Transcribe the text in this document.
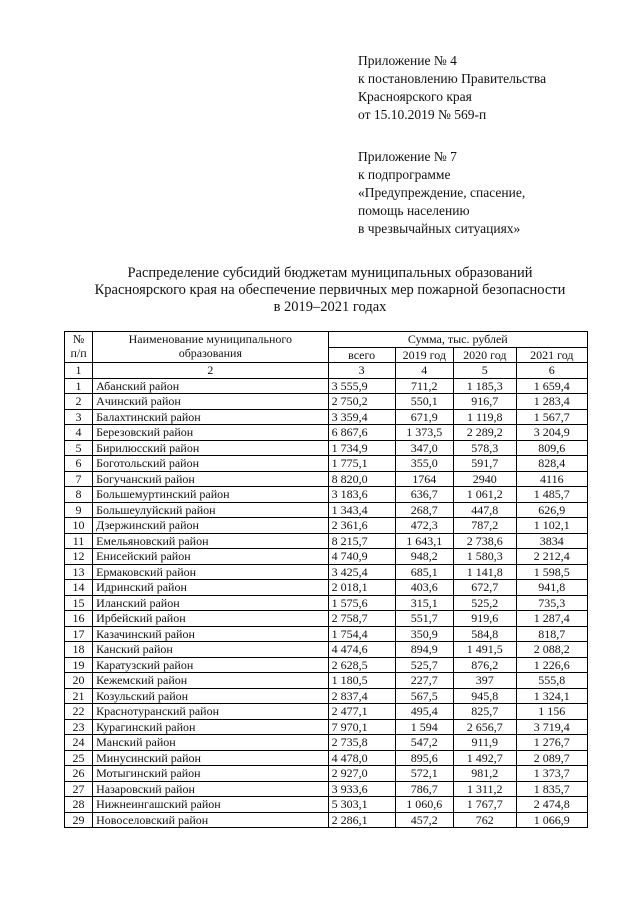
Приложение № 4
к постановлению Правительства
Красноярского края
от 15.10.2019 № 569-п
Приложение № 7
к подпрограмме
«Предупреждение, спасение,
помощь населению
в чрезвычайных ситуациях»
Распределение субсидий бюджетам муниципальных образований
Красноярского края на обеспечение первичных мер пожарной безопасности
в 2019–2021 годах
№ п/п	Наименование муниципального образования	Сумма, тыс. рублей			
		всего	2019 год	2020 год	2021 год
1	2	3	4	5	6
1	Абанский район	3 555,9	711,2	1 185,3	1 659,4
2	Ачинский район	2 750,2	550,1	916,7	1 283,4
3	Балахтинский район	3 359,4	671,9	1 119,8	1 567,7
4	Березовский район	6 867,6	1 373,5	2 289,2	3 204,9
5	Бирилюсский район	1 734,9	347,0	578,3	809,6
6	Боготольский район	1 775,1	355,0	591,7	828,4
7	Богучанский район	8 820,0	1764	2940	4116
8	Большемуртинский район	3 183,6	636,7	1 061,2	1 485,7
9	Большеулуйский район	1 343,4	268,7	447,8	626,9
10	Дзержинский район	2 361,6	472,3	787,2	1 102,1
11	Емельяновский район	8 215,7	1 643,1	2 738,6	3834
12	Енисейский район	4 740,9	948,2	1 580,3	2 212,4
13	Ермаковский район	3 425,4	685,1	1 141,8	1 598,5
14	Идринский район	2 018,1	403,6	672,7	941,8
15	Иланский район	1 575,6	315,1	525,2	735,3
16	Ирбейский район	2 758,7	551,7	919,6	1 287,4
17	Казачинский район	1 754,4	350,9	584,8	818,7
18	Канский район	4 474,6	894,9	1 491,5	2 088,2
19	Каратузский район	2 628,5	525,7	876,2	1 226,6
20	Кежемский район	1 180,5	227,7	397	555,8
21	Козульский район	2 837,4	567,5	945,8	1 324,1
22	Краснотуранский район	2 477,1	495,4	825,7	1 156
23	Курагинский район	7 970,1	1 594	2 656,7	3 719,4
24	Манский район	2 735,8	547,2	911,9	1 276,7
25	Минусинский район	4 478,0	895,6	1 492,7	2 089,7
26	Мотыгинский район	2 927,0	572,1	981,2	1 373,7
27	Назаровский район	3 933,6	786,7	1 311,2	1 835,7
28	Нижнеингашский район	5 303,1	1 060,6	1 767,7	2 474,8
29	Новоселовский район	2 286,1	457,2	762	1 066,9
